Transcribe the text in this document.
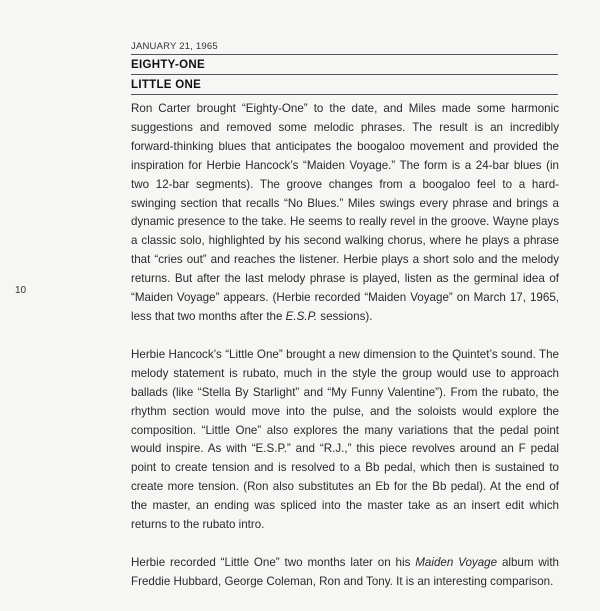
JANUARY 21, 1965
EIGHTY-ONE
LITTLE ONE
10

Ron Carter brought “Eighty-One” to the date, and Miles made some harmonic suggestions and removed some melodic phrases. The result is an incredibly forward-thinking blues that anticipates the boogaloo movement and provided the inspiration for Herbie Hancock’s “Maiden Voyage.” The form is a 24-bar blues (in two 12-bar segments). The groove changes from a boogaloo feel to a hard-swinging section that recalls “No Blues.” Miles swings every phrase and brings a dynamic presence to the take. He seems to really revel in the groove. Wayne plays a classic solo, highlighted by his second walking chorus, where he plays a phrase that “cries out” and reaches the listener. Herbie plays a short solo and the melody returns. But after the last melody phrase is played, listen as the germinal idea of “Maiden Voyage” appears. (Herbie recorded “Maiden Voyage” on March 17, 1965, less that two months after the E.S.P. sessions).

Herbie Hancock’s “Little One” brought a new dimension to the Quintet’s sound. The melody statement is rubato, much in the style the group would use to approach ballads (like “Stella By Starlight” and “My Funny Valentine”). From the rubato, the rhythm section would move into the pulse, and the soloists would explore the composition. “Little One” also explores the many variations that the pedal point would inspire. As with “E.S.P.” and “R.J.,” this piece revolves around an F pedal point to create tension and is resolved to a Bb pedal, which then is sustained to create more tension. (Ron also substitutes an Eb for the Bb pedal). At the end of the master, an ending was spliced into the master take as an insert edit which returns to the rubato intro.

Herbie recorded “Little One” two months later on his Maiden Voyage album with Freddie Hubbard, George Coleman, Ron and Tony. It is an interesting comparison.
